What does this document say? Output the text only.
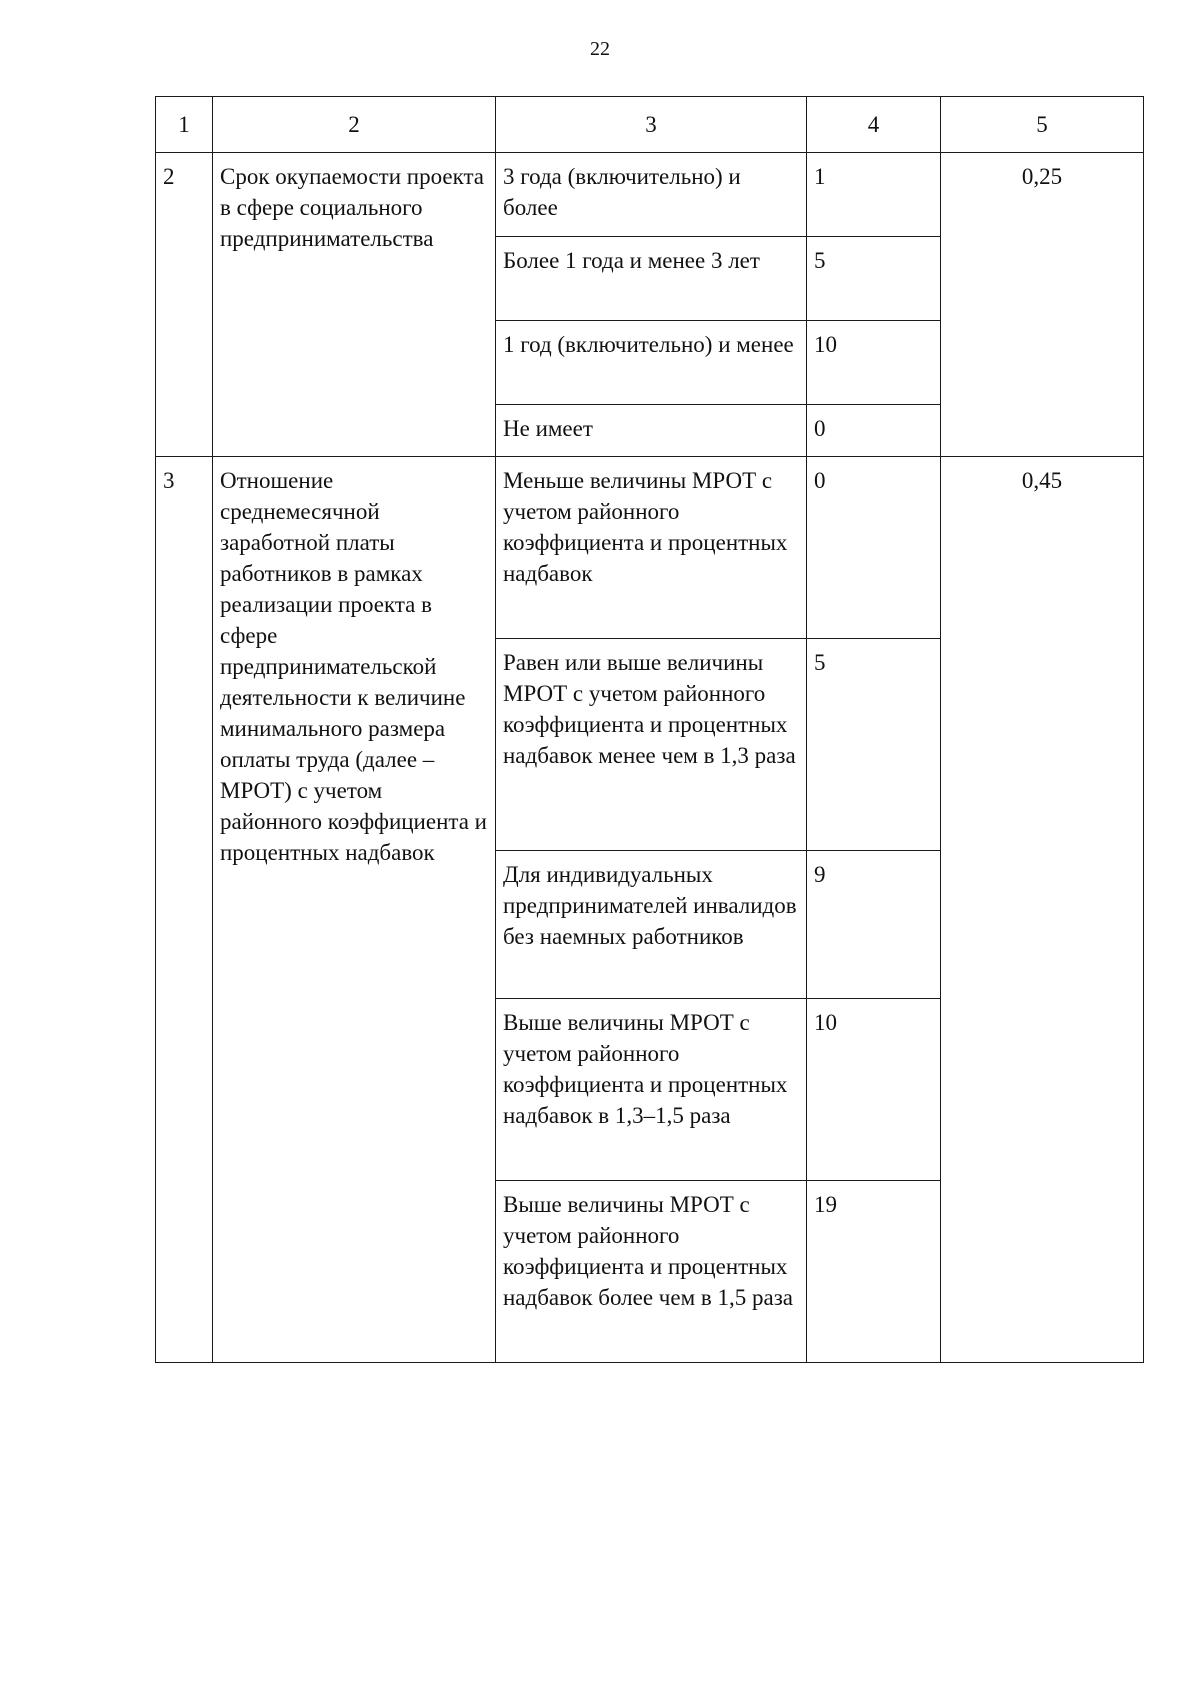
22
1	2	3	4	5
2	Срок окупаемости проекта в сфере социального предпринимательства	3 года (включительно) и более	1	0,25
		Более 1 года и менее 3 лет	5	
		1 год (включительно) и менее	10	
		Не имеет	0	
3	Отношение среднемесячной заработной платы работников в рамках реализации проекта в сфере предпринимательской деятельности к величине минимального размера оплаты труда (далее – МРОТ) с учетом районного коэффициента и процентных надбавок	Меньше величины МРОТ с учетом районного коэффициента и процентных надбавок	0	0,45
		Равен или выше величины МРОТ с учетом районного коэффициента и процентных надбавок менее чем в 1,3 раза	5	
		Для индивидуальных предпринимателей инвалидов без наемных работников	9	
		Выше величины МРОТ с учетом районного коэффициента и процентных надбавок в 1,3–1,5 раза	10	
		Выше величины МРОТ с учетом районного коэффициента и процентных надбавок более чем в 1,5 раза	19	
